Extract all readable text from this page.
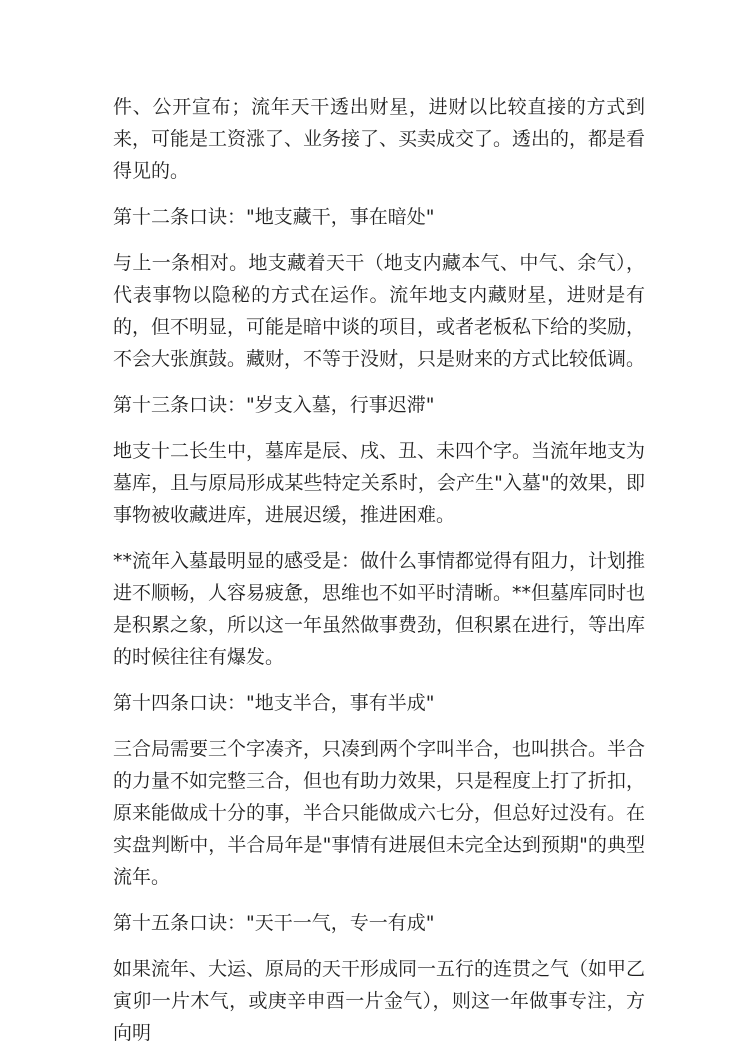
件、公开宣布；流年天干透出财星，进财以比较直接的方式到来，可能是工资涨了、业务接了、买卖成交了。透出的，都是看得见的。

第十二条口诀："地支藏干，事在暗处"

与上一条相对。地支藏着天干（地支内藏本气、中气、余气），代表事物以隐秘的方式在运作。流年地支内藏财星，进财是有的，但不明显，可能是暗中谈的项目，或者老板私下给的奖励，不会大张旗鼓。藏财，不等于没财，只是财来的方式比较低调。

第十三条口诀："岁支入墓，行事迟滞"

地支十二长生中，墓库是辰、戌、丑、未四个字。当流年地支为墓库，且与原局形成某些特定关系时，会产生"入墓"的效果，即事物被收藏进库，进展迟缓，推进困难。

**流年入墓最明显的感受是：做什么事情都觉得有阻力，计划推进不顺畅，人容易疲惫，思维也不如平时清晰。**但墓库同时也是积累之象，所以这一年虽然做事费劲，但积累在进行，等出库的时候往往有爆发。

第十四条口诀："地支半合，事有半成"

三合局需要三个字凑齐，只凑到两个字叫半合，也叫拱合。半合的力量不如完整三合，但也有助力效果，只是程度上打了折扣，原来能做成十分的事，半合只能做成六七分，但总好过没有。在实盘判断中，半合局年是"事情有进展但未完全达到预期"的典型流年。

第十五条口诀："天干一气，专一有成"

如果流年、大运、原局的天干形成同一五行的连贯之气（如甲乙寅卯一片木气，或庚辛申酉一片金气），则这一年做事专注，方向明
